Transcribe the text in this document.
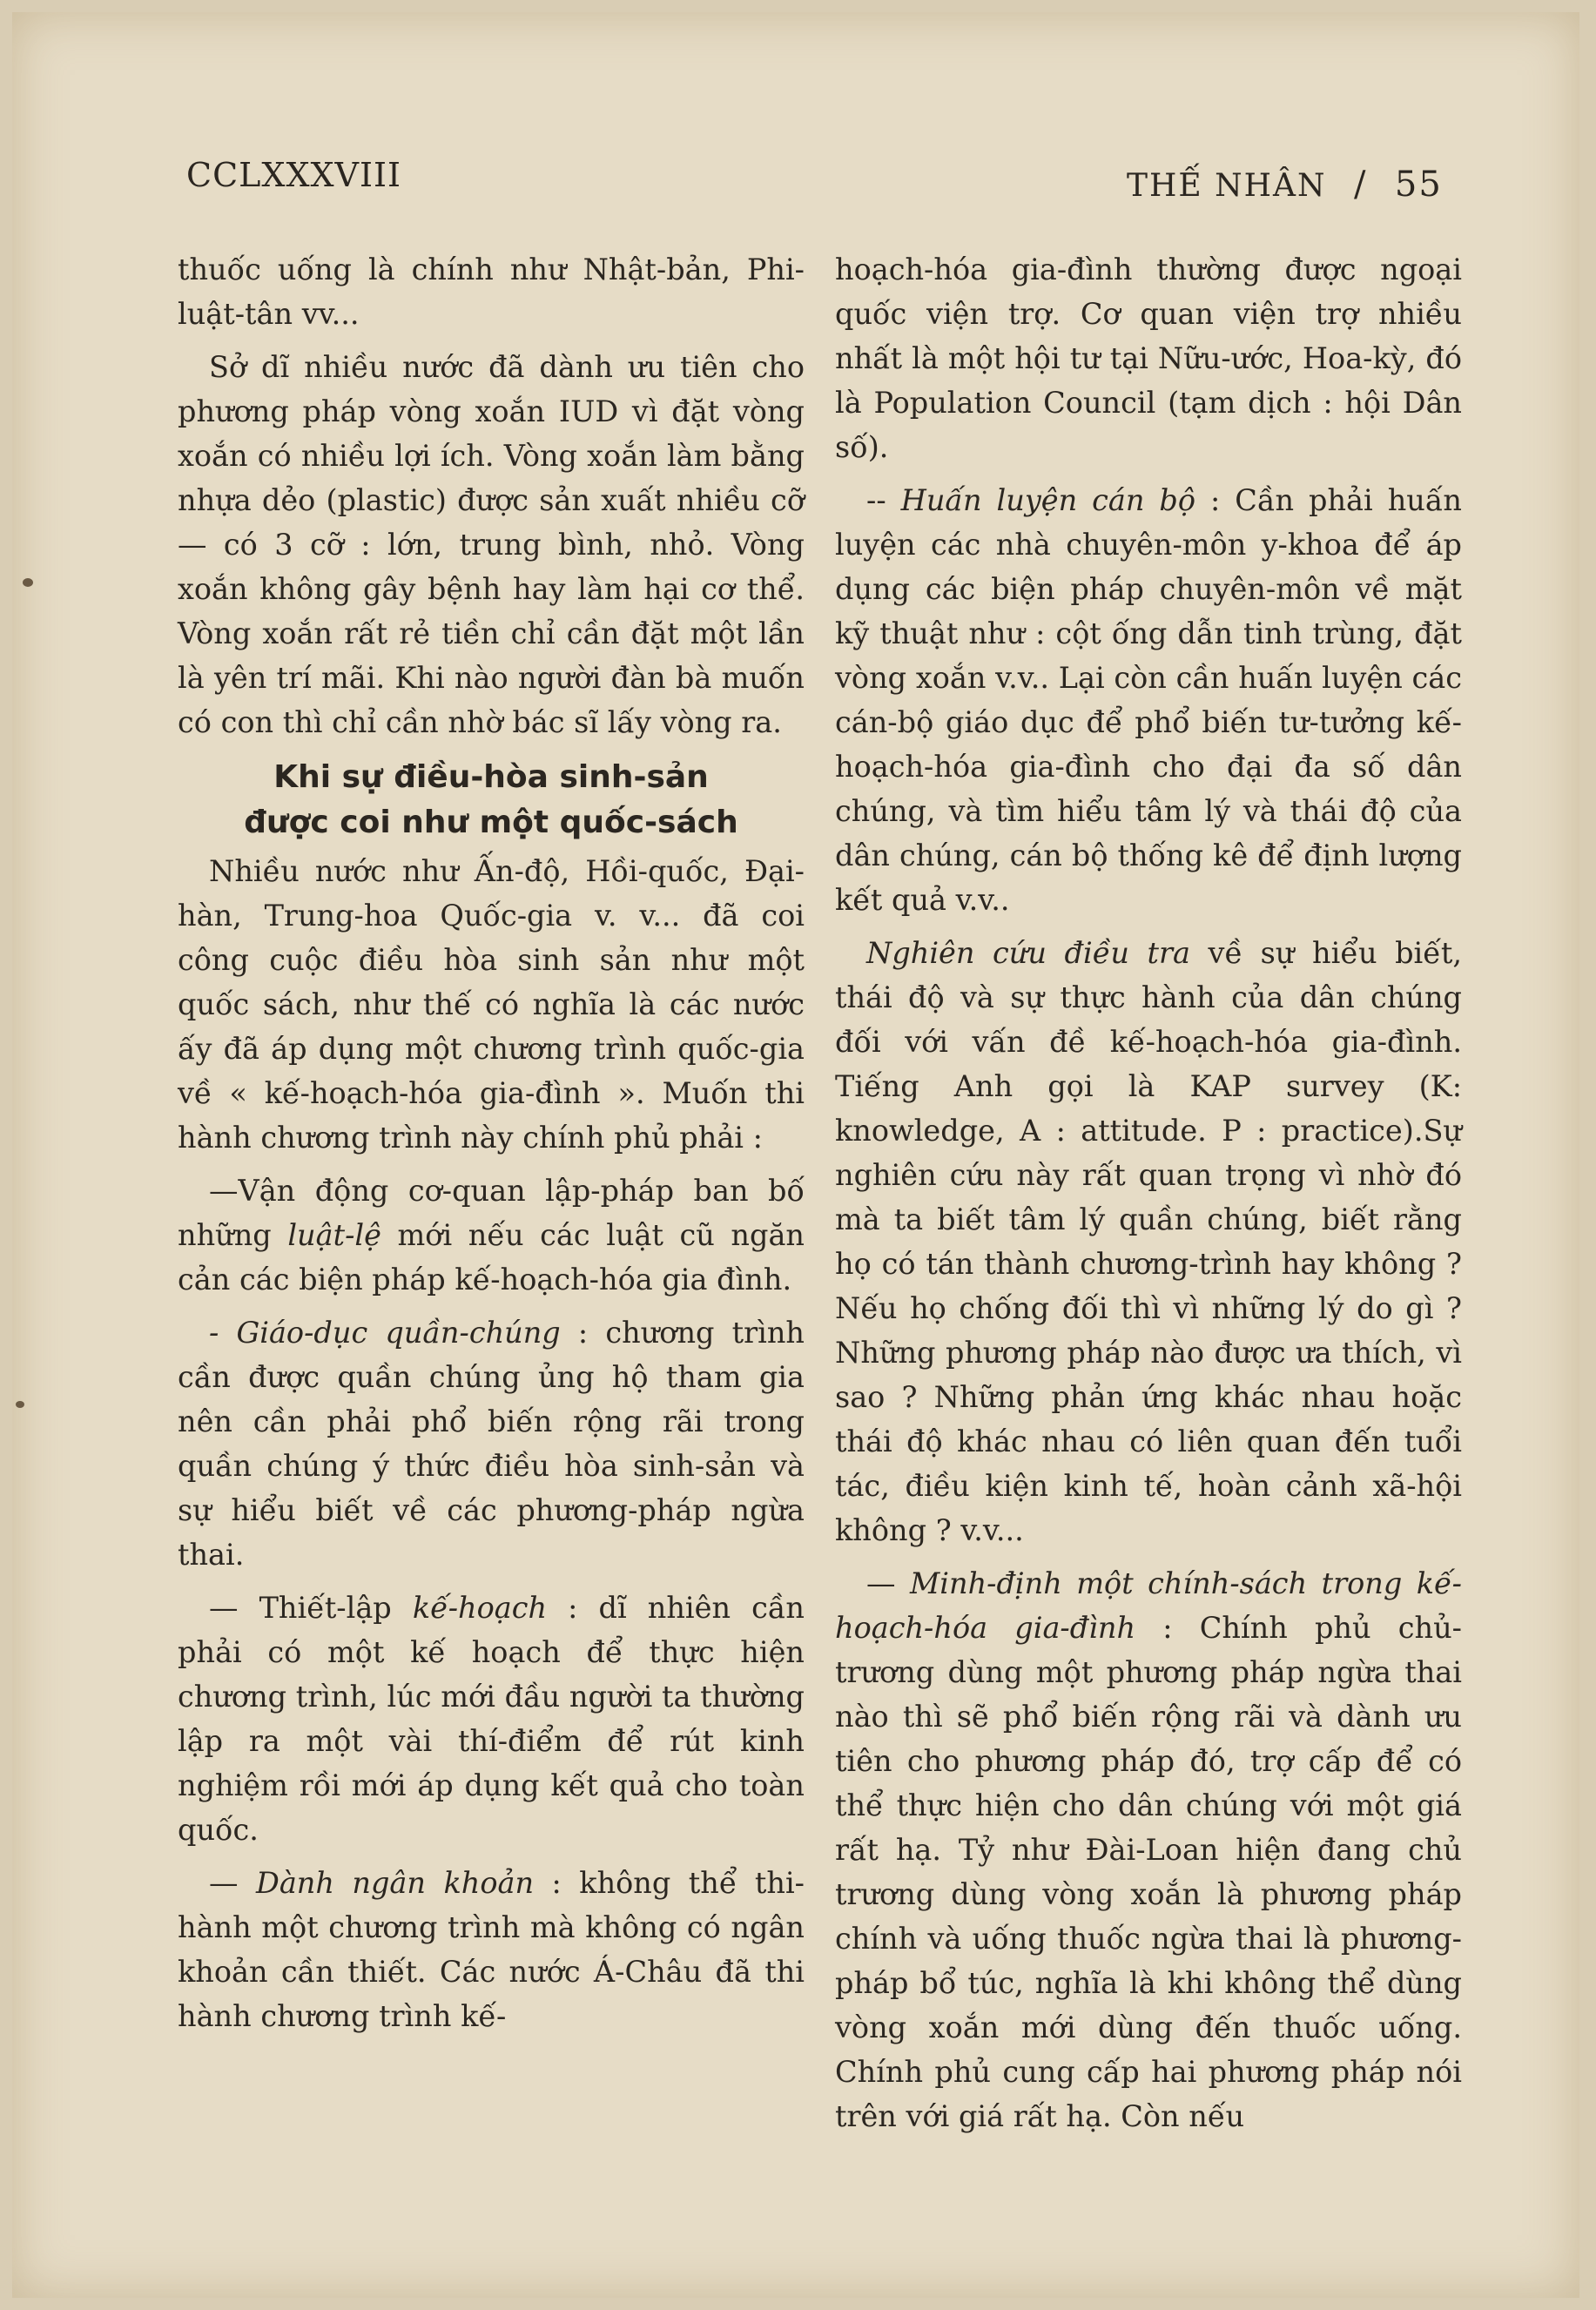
CCLXXXVIII	THẾ NHÂN / 55

thuốc uống là chính như Nhật-bản, Phi-luật-tân vv...

Sở dĩ nhiều nước đã dành ưu tiên cho phương pháp vòng xoắn IUD vì đặt vòng xoắn có nhiều lợi ích. Vòng xoắn làm bằng nhựa dẻo (plastic) được sản xuất nhiều cỡ — có 3 cỡ : lớn, trung bình, nhỏ. Vòng xoắn không gây bệnh hay làm hại cơ thể. Vòng xoắn rất rẻ tiền chỉ cần đặt một lần là yên trí mãi. Khi nào người đàn bà muốn có con thì chỉ cần nhờ bác sĩ lấy vòng ra.

Khi sự điều-hòa sinh-sản
được coi như một quốc-sách

Nhiều nước như Ấn-độ, Hồi-quốc, Đại-hàn, Trung-hoa Quốc-gia v. v... đã coi công cuộc điều hòa sinh sản như một quốc sách, như thế có nghĩa là các nước ấy đã áp dụng một chương trình quốc-gia về « kế-hoạch-hóa gia-đình ». Muốn thi hành chương trình này chính phủ phải :

—Vận động cơ-quan lập-pháp ban bố những luật-lệ mới nếu các luật cũ ngăn cản các biện pháp kế-hoạch-hóa gia đình.

- Giáo-dục quần-chúng : chương trình cần được quần chúng ủng hộ tham gia nên cần phải phổ biến rộng rãi trong quần chúng ý thức điều hòa sinh-sản và sự hiểu biết về các phương-pháp ngừa thai.

— Thiết-lập kế-hoạch : dĩ nhiên cần phải có một kế hoạch để thực hiện chương trình, lúc mới đầu người ta thường lập ra một vài thí-điểm để rút kinh nghiệm rồi mới áp dụng kết quả cho toàn quốc.

— Dành ngân khoản : không thể thi-hành một chương trình mà không có ngân khoản cần thiết. Các nước Á-Châu đã thi hành chương trình kế-

hoạch-hóa gia-đình thường được ngoại quốc viện trợ. Cơ quan viện trợ nhiều nhất là một hội tư tại Nữu-ước, Hoa-kỳ, đó là Population Council (tạm dịch : hội Dân số).

-- Huấn luyện cán bộ : Cần phải huấn luyện các nhà chuyên-môn y-khoa để áp dụng các biện pháp chuyên-môn về mặt kỹ thuật như : cột ống dẫn tinh trùng, đặt vòng xoắn v.v.. Lại còn cần huấn luyện các cán-bộ giáo dục để phổ biến tư-tưởng kế-hoạch-hóa gia-đình cho đại đa số dân chúng, và tìm hiểu tâm lý và thái độ của dân chúng, cán bộ thống kê để định lượng kết quả v.v..

Nghiên cứu điều tra về sự hiểu biết, thái độ và sự thực hành của dân chúng đối với vấn đề kế-hoạch-hóa gia-đình. Tiếng Anh gọi là KAP survey (K: knowledge, A : attitude. P : practice).Sự nghiên cứu này rất quan trọng vì nhờ đó mà ta biết tâm lý quần chúng, biết rằng họ có tán thành chương-trình hay không ? Nếu họ chống đối thì vì những lý do gì ? Những phương pháp nào được ưa thích, vì sao ? Những phản ứng khác nhau hoặc thái độ khác nhau có liên quan đến tuổi tác, điều kiện kinh tế, hoàn cảnh xã-hội không ? v.v...

— Minh-định một chính-sách trong kế-hoạch-hóa gia-đình : Chính phủ chủ-trương dùng một phương pháp ngừa thai nào thì sẽ phổ biến rộng rãi và dành ưu tiên cho phương pháp đó, trợ cấp để có thể thực hiện cho dân chúng với một giá rất hạ. Tỷ như Đài-Loan hiện đang chủ trương dùng vòng xoắn là phương pháp chính và uống thuốc ngừa thai là phương-pháp bổ túc, nghĩa là khi không thể dùng vòng xoắn mới dùng đến thuốc uống. Chính phủ cung cấp hai phương pháp nói trên với giá rất hạ. Còn nếu
